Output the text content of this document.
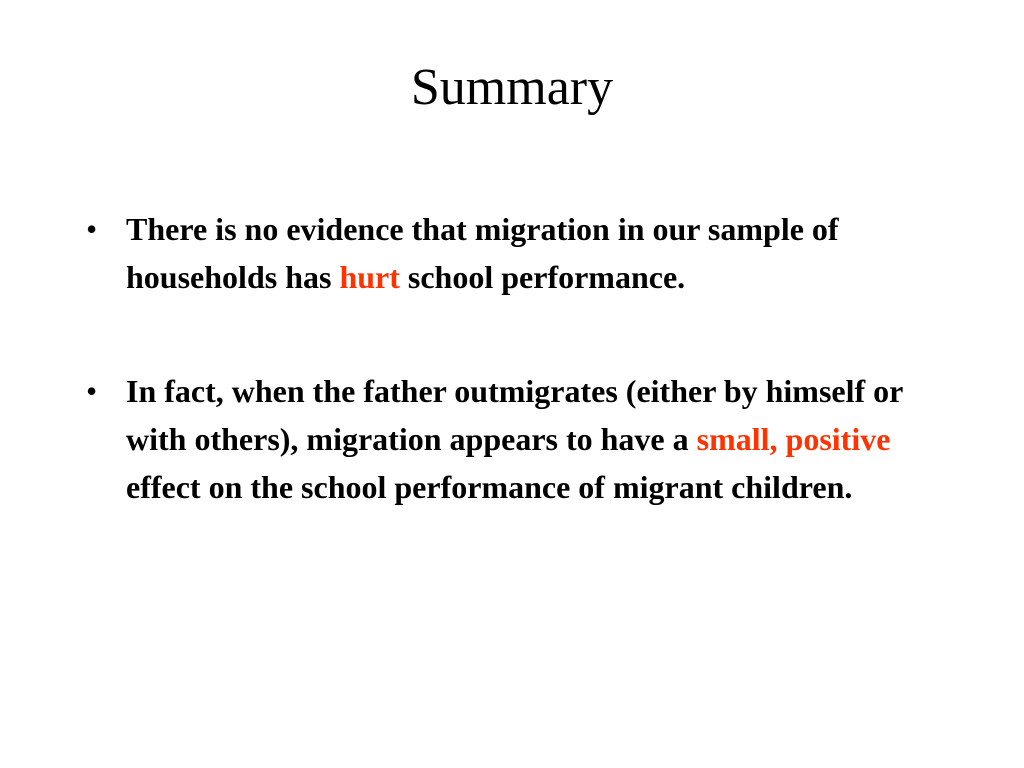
Summary
• There is no evidence that migration in our sample of households has hurt school performance.
• In fact, when the father outmigrates (either by himself or with others), migration appears to have a small, positive effect on the school performance of migrant children.
